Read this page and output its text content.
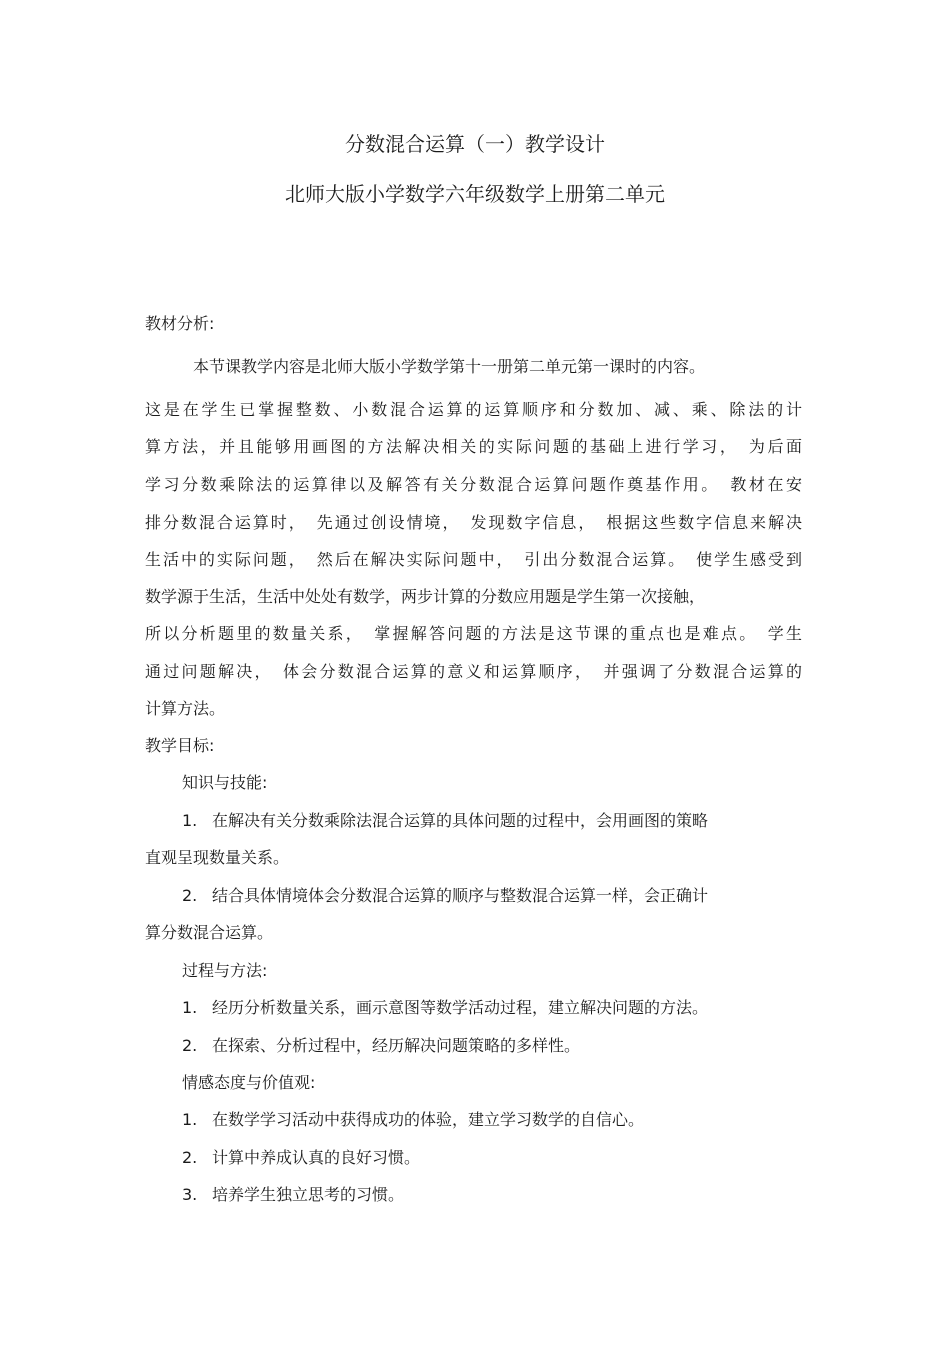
分数混合运算（一）教学设计
北师大版小学数学六年级数学上册第二单元
教材分析:
本节课教学内容是北师大版小学数学第十一册第二单元第一课时的内容。
这是在学生已掌握整数、小数混合运算的运算顺序和分数加、减、乘、除法的计
算方法，并且能够用画图的方法解决相关的实际问题的基础上进行学习，　为后面
学习分数乘除法的运算律以及解答有关分数混合运算问题作奠基作用。　教材在安
排分数混合运算时，　先通过创设情境，　发现数字信息，　根据这些数字信息来解决
生活中的实际问题，　然后在解决实际问题中，　引出分数混合运算。　使学生感受到
数学源于生活，生活中处处有数学，两步计算的分数应用题是学生第一次接触，
所以分析题里的数量关系，　掌握解答问题的方法是这节课的重点也是难点。　学生
通过问题解决，　体会分数混合运算的意义和运算顺序，　并强调了分数混合运算的
计算方法。
教学目标:
知识与技能:
1. 在解决有关分数乘除法混合运算的具体问题的过程中，会用画图的策略
直观呈现数量关系。
2. 结合具体情境体会分数混合运算的顺序与整数混合运算一样，会正确计
算分数混合运算。
过程与方法:
1. 经历分析数量关系，画示意图等数学活动过程，建立解决问题的方法。
2. 在探索、分析过程中，经历解决问题策略的多样性。
情感态度与价值观:
1. 在数学学习活动中获得成功的体验，建立学习数学的自信心。
2. 计算中养成认真的良好习惯。
3. 培养学生独立思考的习惯。
